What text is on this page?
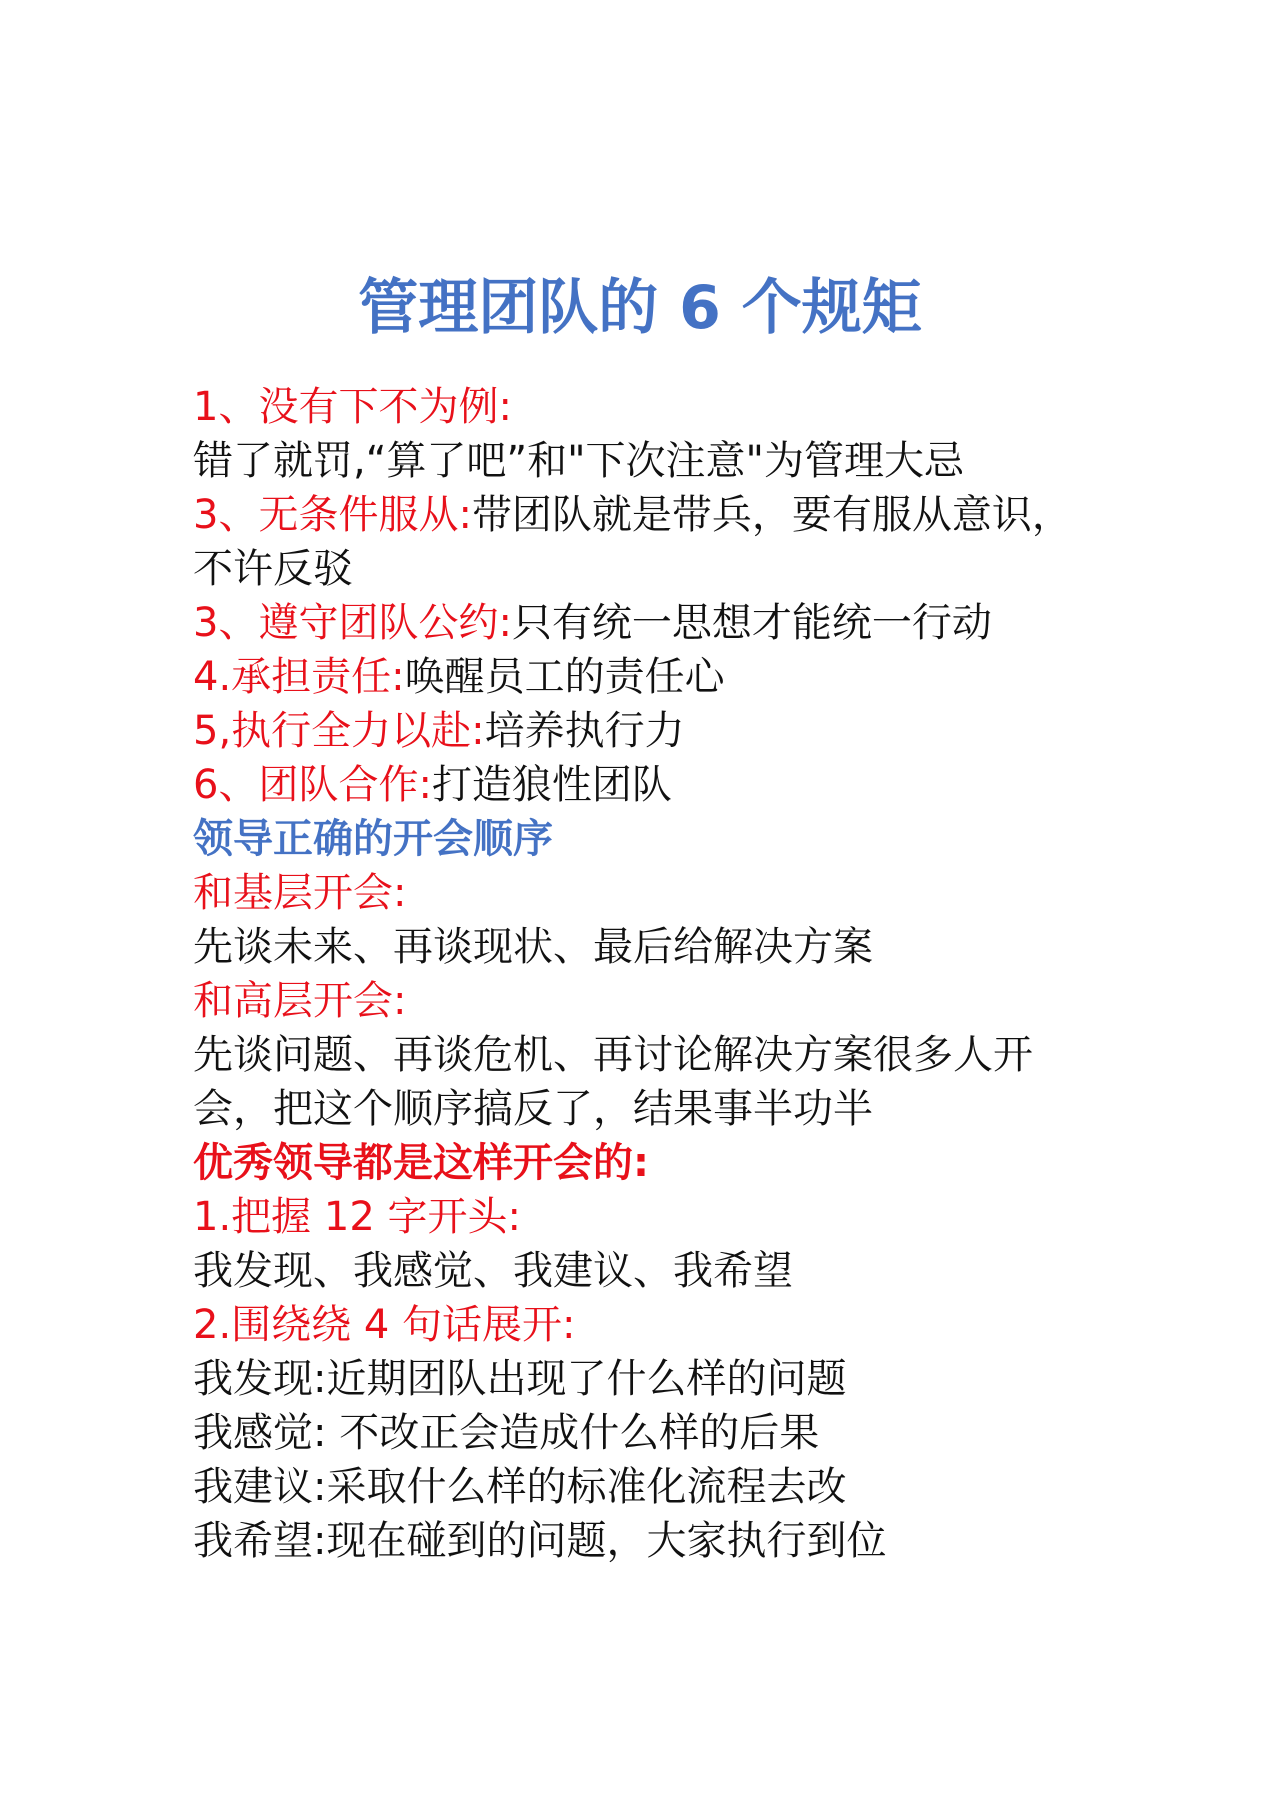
管理团队的 6 个规矩

1、没有下不为例:

错了就罚,“算了吧”和"下次注意"为管理大忌

3、无条件服从:带团队就是带兵，要有服从意识，

不许反驳

3、遵守团队公约:只有统一思想才能统一行动

4.承担责任:唤醒员工的责任心

5,执行全力以赴:培养执行力

6、团队合作:打造狼性团队

领导正确的开会顺序

和基层开会:

先谈未来、再谈现状、最后给解决方案

和高层开会:

先谈问题、再谈危机、再讨论解决方案很多人开

会，把这个顺序搞反了，结果事半功半

优秀领导都是这样开会的:

1.把握 12 字开头:

我发现、我感觉、我建议、我希望

2.围绕绕 4 句话展开:

我发现:近期团队出现了什么样的问题

我感觉: 不改正会造成什么样的后果

我建议:采取什么样的标准化流程去改

我希望:现在碰到的问题，大家执行到位
